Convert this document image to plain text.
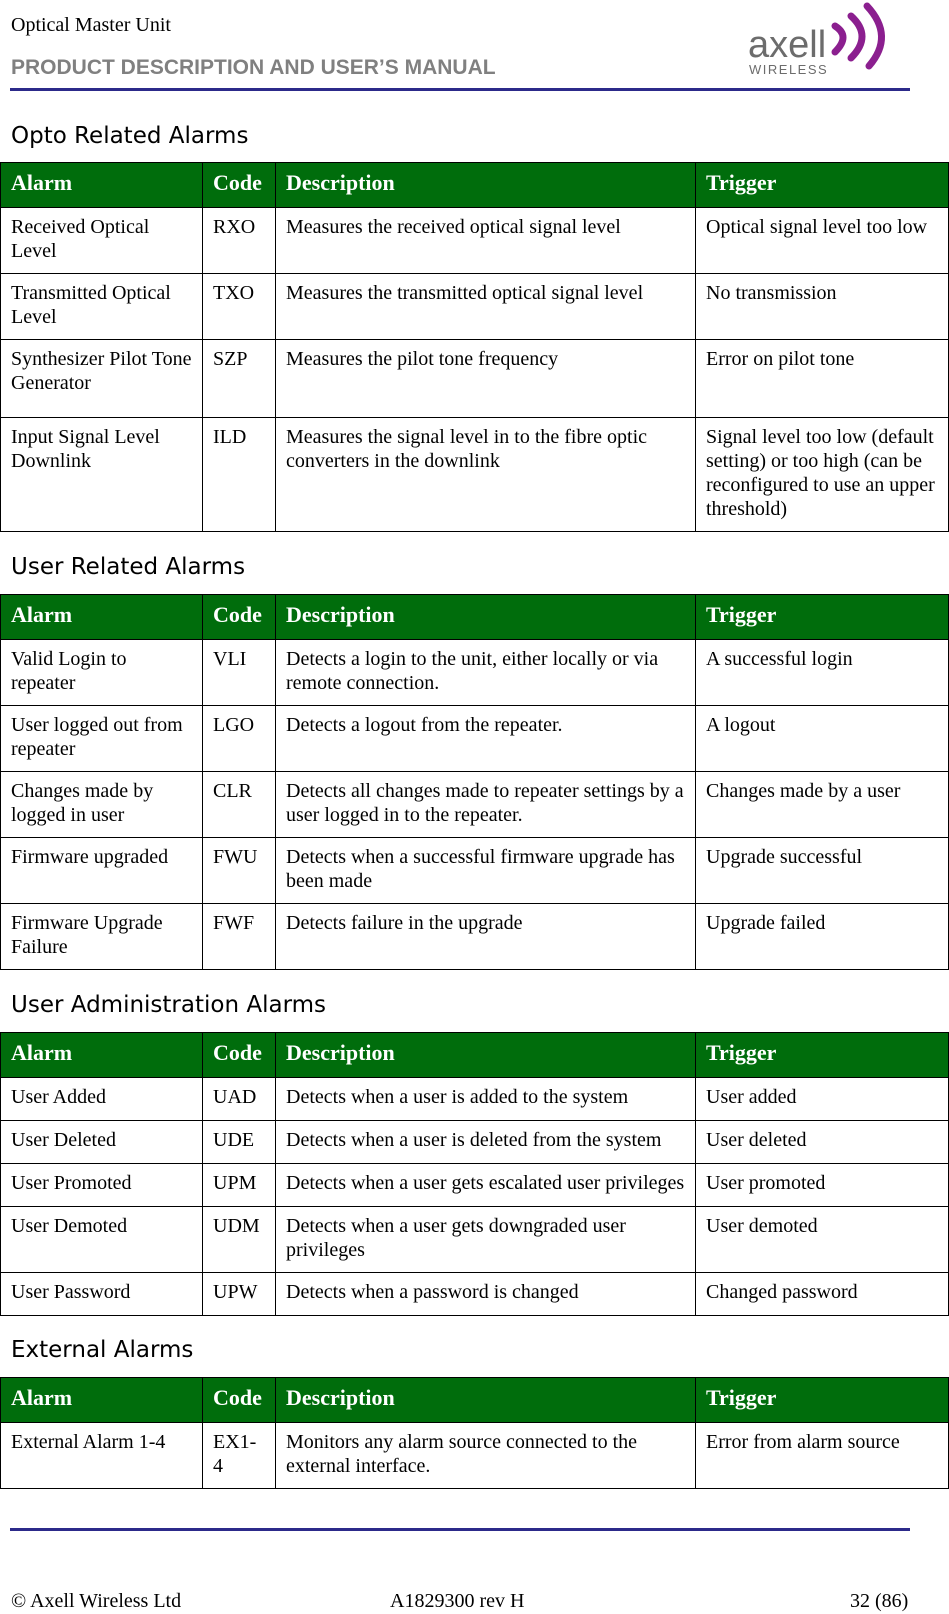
Optical Master Unit
PRODUCT DESCRIPTION AND USER’S MANUAL
axell
WIRELESS
Opto Related Alarms
Alarm	Code	Description	Trigger
Received Optical Level	RXO	Measures the received optical signal level	Optical signal level too low
Transmitted Optical Level	TXO	Measures the transmitted optical signal level	No transmission
Synthesizer Pilot Tone Generator	SZP	Measures the pilot tone frequency	Error on pilot tone
Input Signal Level Downlink	ILD	Measures the signal level in to the fibre optic converters in the downlink	Signal level too low (default setting) or too high (can be reconfigured to use an upper threshold)
User Related Alarms
Alarm	Code	Description	Trigger
Valid Login to repeater	VLI	Detects a login to the unit, either locally or via remote connection.	A successful login
User logged out from repeater	LGO	Detects a logout from the repeater.	A logout
Changes made by logged in user	CLR	Detects all changes made to repeater settings by a user logged in to the repeater.	Changes made by a user
Firmware upgraded	FWU	Detects when a successful firmware upgrade has been made	Upgrade successful
Firmware Upgrade Failure	FWF	Detects failure in the upgrade	Upgrade failed
User Administration Alarms
Alarm	Code	Description	Trigger
User Added	UAD	Detects when a user is added to the system	User added
User Deleted	UDE	Detects when a user is deleted from the system	User deleted
User Promoted	UPM	Detects when a user gets escalated user privileges	User promoted
User Demoted	UDM	Detects when a user gets downgraded user privileges	User demoted
User Password	UPW	Detects when a password is changed	Changed password
External Alarms
Alarm	Code	Description	Trigger
External Alarm 1-4	EX1-4	Monitors any alarm source connected to the external interface.	Error from alarm source
© Axell Wireless Ltd	A1829300 rev H	32 (86)
